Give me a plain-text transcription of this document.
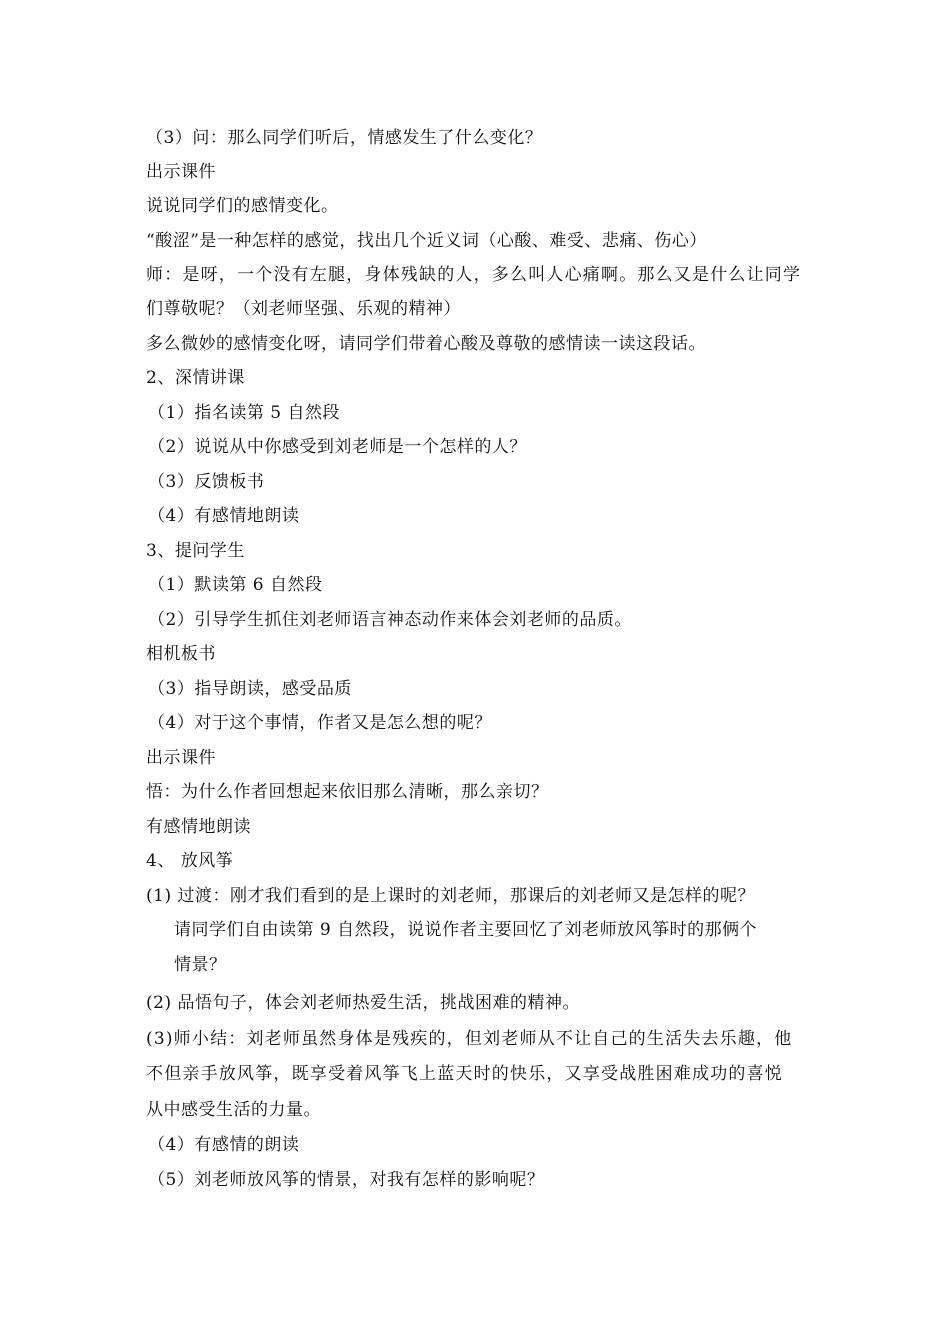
（3）问：那么同学们听后，情感发生了什么变化？
出示课件
说说同学们的感情变化。
“酸涩”是一种怎样的感觉，找出几个近义词（心酸、难受、悲痛、伤心）
师：是呀，一个没有左腿，身体残缺的人，多么叫人心痛啊。那么又是什么让同学
们尊敬呢？（刘老师坚强、乐观的精神）
多么微妙的感情变化呀，请同学们带着心酸及尊敬的感情读一读这段话。
2、深情讲课
（1）指名读第 5 自然段
（2）说说从中你感受到刘老师是一个怎样的人？
（3）反馈板书
（4）有感情地朗读
3、提问学生
（1）默读第 6 自然段
（2）引导学生抓住刘老师语言神态动作来体会刘老师的品质。
相机板书
（3）指导朗读，感受品质
（4）对于这个事情，作者又是怎么想的呢？
出示课件
悟：为什么作者回想起来依旧那么清晰，那么亲切？
有感情地朗读
4、 放风筝
(1) 过渡：刚才我们看到的是上课时的刘老师，那课后的刘老师又是怎样的呢？
请同学们自由读第 9 自然段，说说作者主要回忆了刘老师放风筝时的那俩个
情景？
(2) 品悟句子，体会刘老师热爱生活，挑战困难的精神。
(3)师小结：刘老师虽然身体是残疾的，但刘老师从不让自己的生活失去乐趣，他
不但亲手放风筝，既享受着风筝飞上蓝天时的快乐，又享受战胜困难成功的喜悦
从中感受生活的力量。
（4）有感情的朗读
（5）刘老师放风筝的情景，对我有怎样的影响呢？
